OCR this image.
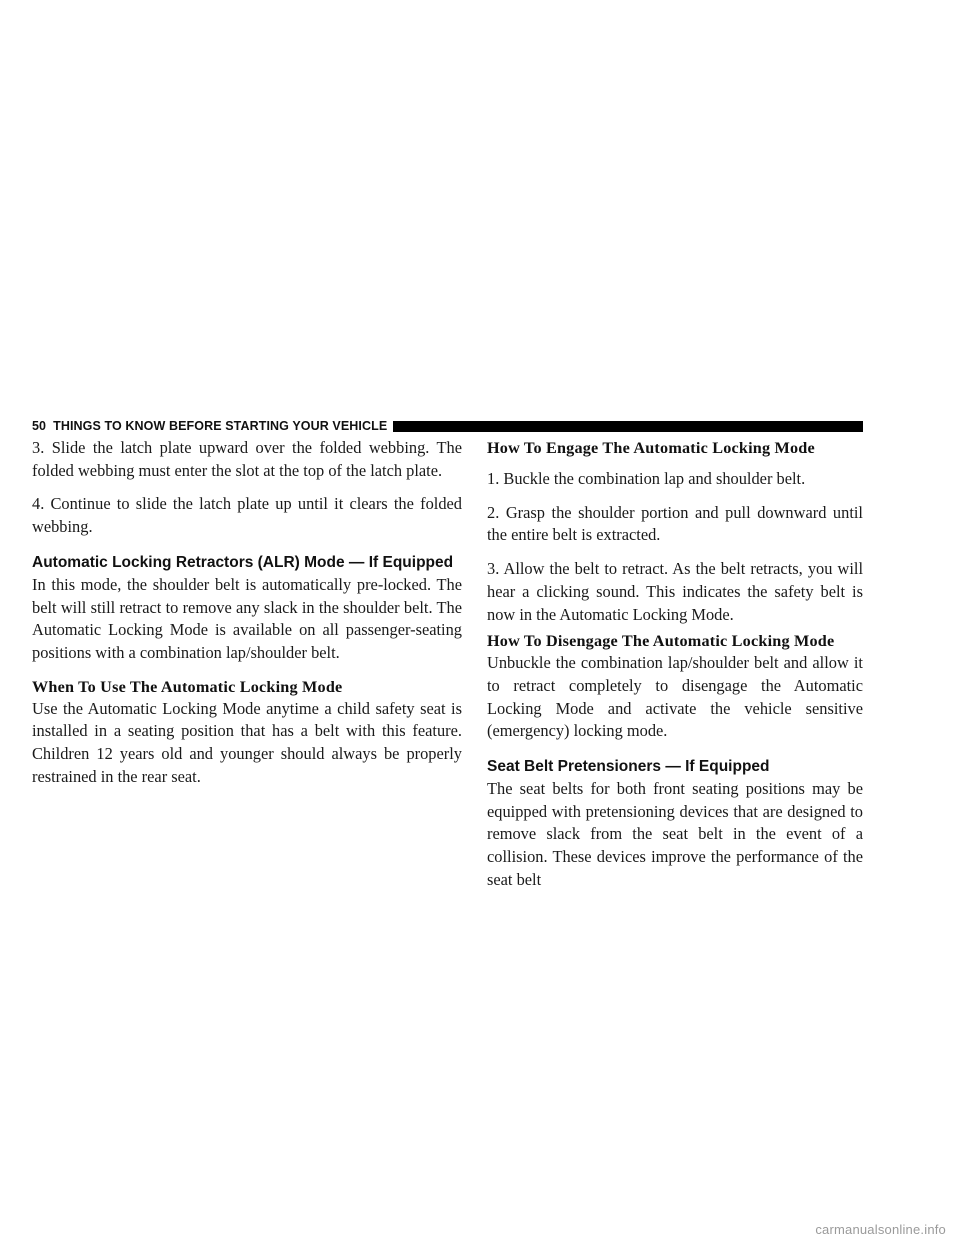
50 THINGS TO KNOW BEFORE STARTING YOUR VEHICLE

3. Slide the latch plate upward over the folded webbing. The folded webbing must enter the slot at the top of the latch plate.

4. Continue to slide the latch plate up until it clears the folded webbing.

Automatic Locking Retractors (ALR) Mode — If Equipped

In this mode, the shoulder belt is automatically pre-locked. The belt will still retract to remove any slack in the shoulder belt. The Automatic Locking Mode is available on all passenger-seating positions with a combination lap/shoulder belt.

When To Use The Automatic Locking Mode

Use the Automatic Locking Mode anytime a child safety seat is installed in a seating position that has a belt with this feature. Children 12 years old and younger should always be properly restrained in the rear seat.

How To Engage The Automatic Locking Mode

1. Buckle the combination lap and shoulder belt.

2. Grasp the shoulder portion and pull downward until the entire belt is extracted.

3. Allow the belt to retract. As the belt retracts, you will hear a clicking sound. This indicates the safety belt is now in the Automatic Locking Mode.

How To Disengage The Automatic Locking Mode

Unbuckle the combination lap/shoulder belt and allow it to retract completely to disengage the Automatic Locking Mode and activate the vehicle sensitive (emergency) locking mode.

Seat Belt Pretensioners — If Equipped

The seat belts for both front seating positions may be equipped with pretensioning devices that are designed to remove slack from the seat belt in the event of a collision. These devices improve the performance of the seat belt

carmanualsonline.info
